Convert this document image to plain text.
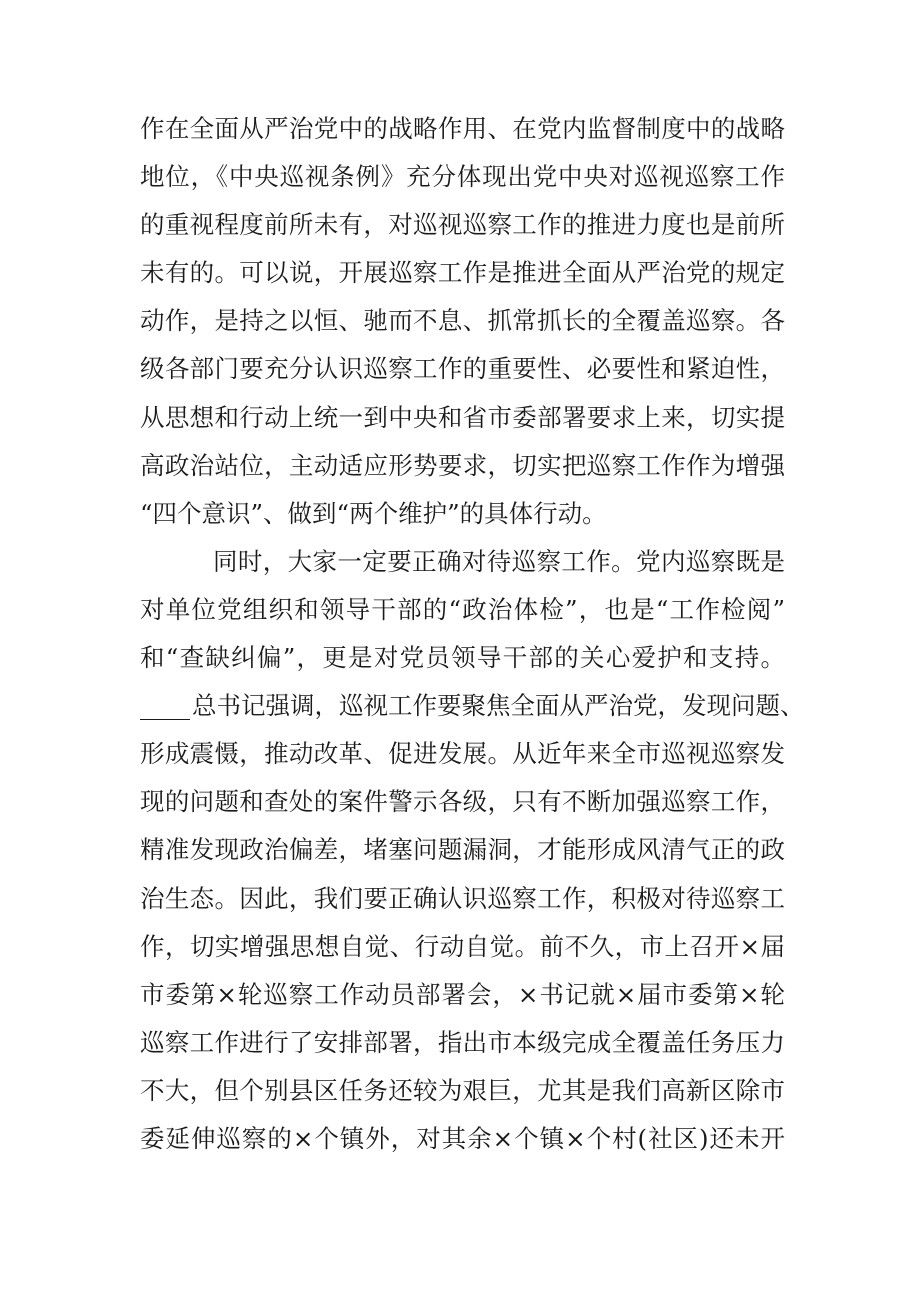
作在全面从严治党中的战略作用、在党内监督制度中的战略
地位，《中央巡视条例》充分体现出党中央对巡视巡察工作
的重视程度前所未有，对巡视巡察工作的推进力度也是前所
未有的。可以说，开展巡察工作是推进全面从严治党的规定
动作，是持之以恒、驰而不息、抓常抓长的全覆盖巡察。各
级各部门要充分认识巡察工作的重要性、必要性和紧迫性，
从思想和行动上统一到中央和省市委部署要求上来，切实提
高政治站位，主动适应形势要求，切实把巡察工作作为增强
“四个意识”、做到“两个维护”的具体行动。
同时，大家一定要正确对待巡察工作。党内巡察既是
对单位党组织和领导干部的“政治体检”，也是“工作检阅”
和“查缺纠偏”，更是对党员领导干部的关心爱护和支持。
总书记强调，巡视工作要聚焦全面从严治党，发现问题、
形成震慑，推动改革、促进发展。从近年来全市巡视巡察发
现的问题和查处的案件警示各级，只有不断加强巡察工作，
精准发现政治偏差，堵塞问题漏洞，才能形成风清气正的政
治生态。因此，我们要正确认识巡察工作，积极对待巡察工
作，切实增强思想自觉、行动自觉。前不久，市上召开×届
市委第×轮巡察工作动员部署会，×书记就×届市委第×轮
巡察工作进行了安排部署，指出市本级完成全覆盖任务压力
不大，但个别县区任务还较为艰巨，尤其是我们高新区除市
委延伸巡察的×个镇外，对其余×个镇×个村(社区)还未开
